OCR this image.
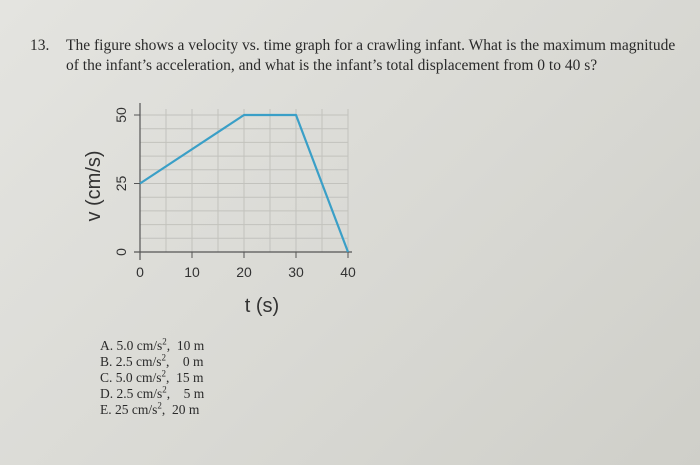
13. The figure shows a velocity vs. time graph for a crawling infant. What is the maximum magnitude
of the infant’s acceleration, and what is the infant’s total displacement from 0 to 40 s?
0	10	20	30	40
0
25
50
t (s)
v (cm/s)
A. 5.0 $cm/s^2$,  10 m
B. 2.5 $cm/s^2$,    0 m
C. 5.0 $cm/s^2$,  15 m
D. 2.5 $cm/s^2$,    5 m
E. 25 $cm/s^2$,  20 m
